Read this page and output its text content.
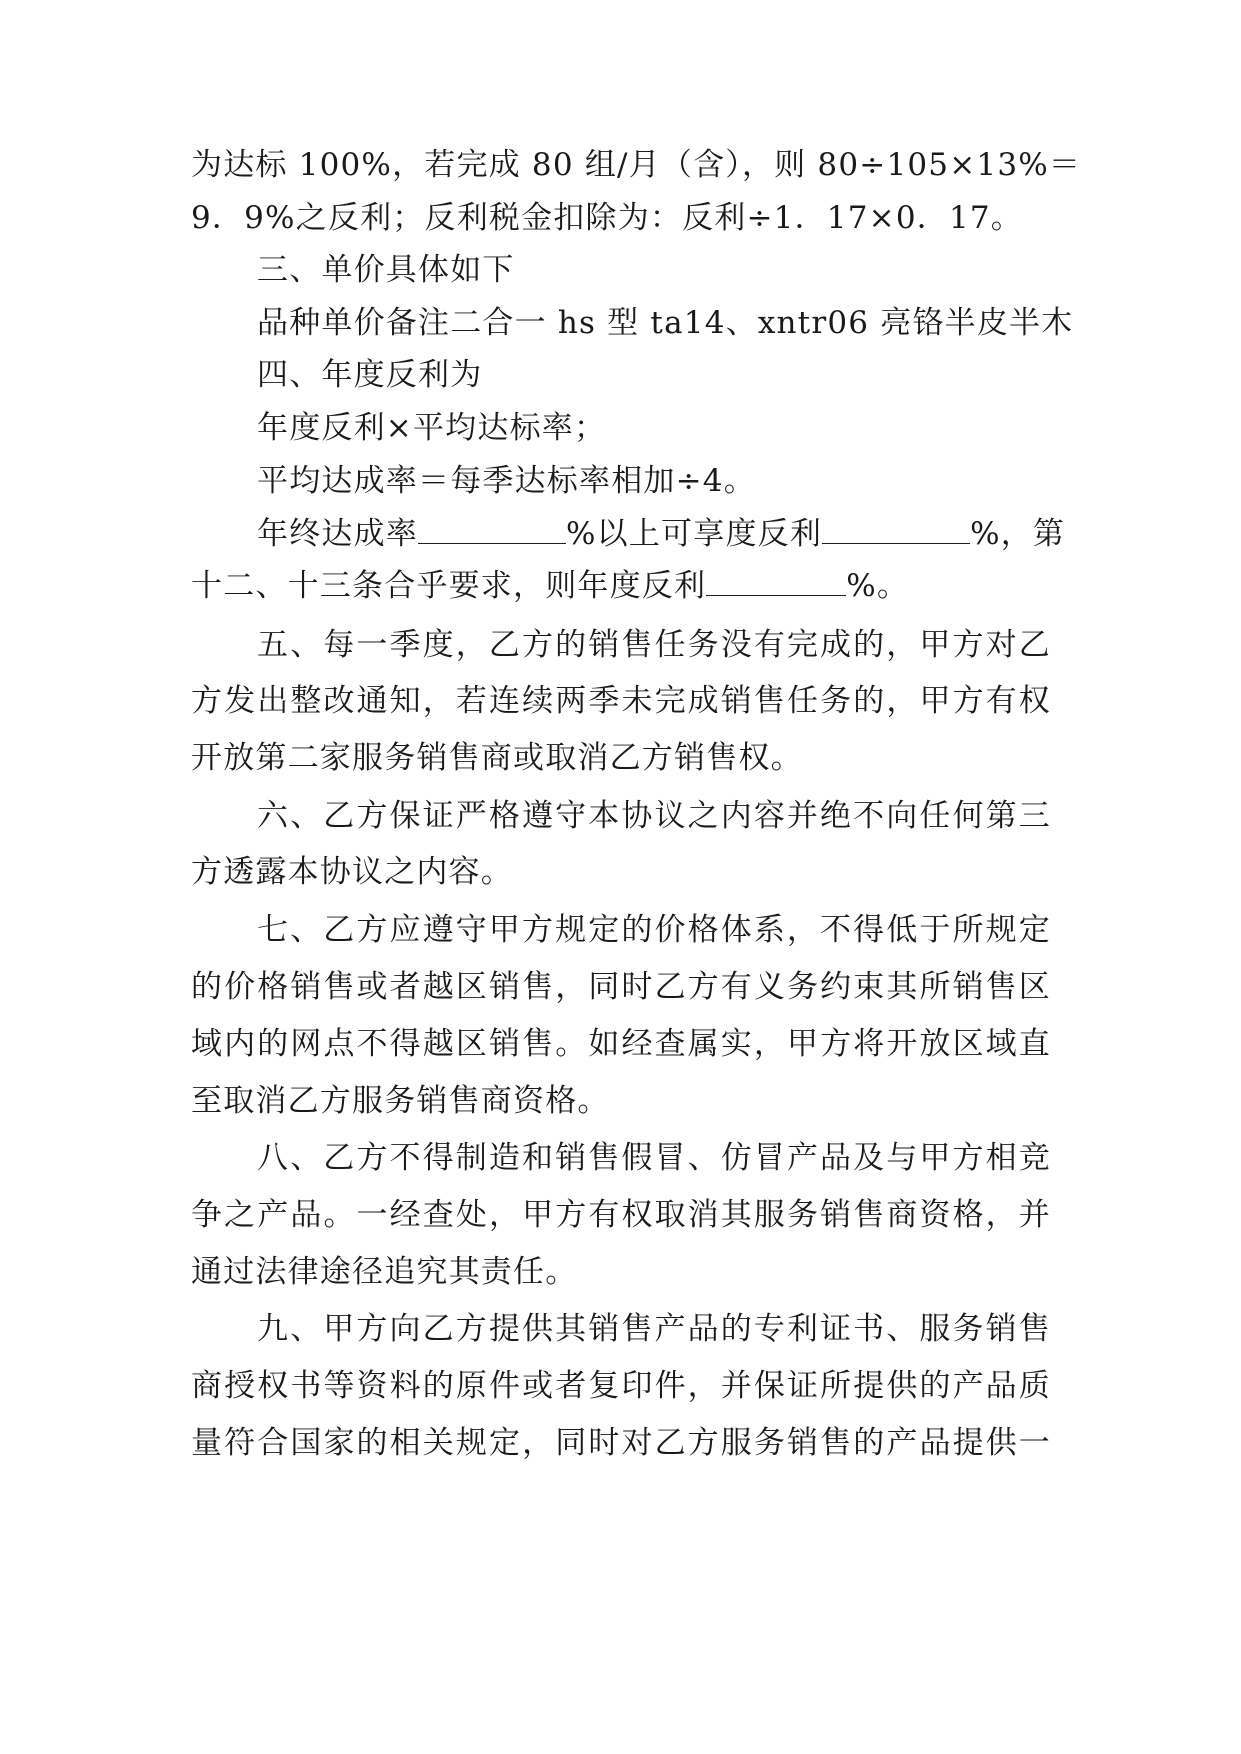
为达标 100%，若完成 80 组/月（含），则 80÷105×13%＝
9．9%之反利；反利税金扣除为：反利÷1．17×0．17。
三、单价具体如下
品种单价备注二合一 hs 型 ta14、xntr06 亮铬半皮半木
四、年度反利为
年度反利×平均达标率；
平均达成率＝每季达标率相加÷4。
年终达成率	%以上可享度反利	%，第
十二、十三条合乎要求，则年度反利	%。
五、每一季度，乙方的销售任务没有完成的，甲方对乙
方发出整改通知，若连续两季未完成销售任务的，甲方有权
开放第二家服务销售商或取消乙方销售权。
六、乙方保证严格遵守本协议之内容并绝不向任何第三
方透露本协议之内容。
七、乙方应遵守甲方规定的价格体系，不得低于所规定
的价格销售或者越区销售，同时乙方有义务约束其所销售区
域内的网点不得越区销售。如经查属实，甲方将开放区域直
至取消乙方服务销售商资格。
八、乙方不得制造和销售假冒、仿冒产品及与甲方相竞
争之产品。一经查处，甲方有权取消其服务销售商资格，并
通过法律途径追究其责任。
九、甲方向乙方提供其销售产品的专利证书、服务销售
商授权书等资料的原件或者复印件，并保证所提供的产品质
量符合国家的相关规定，同时对乙方服务销售的产品提供一
